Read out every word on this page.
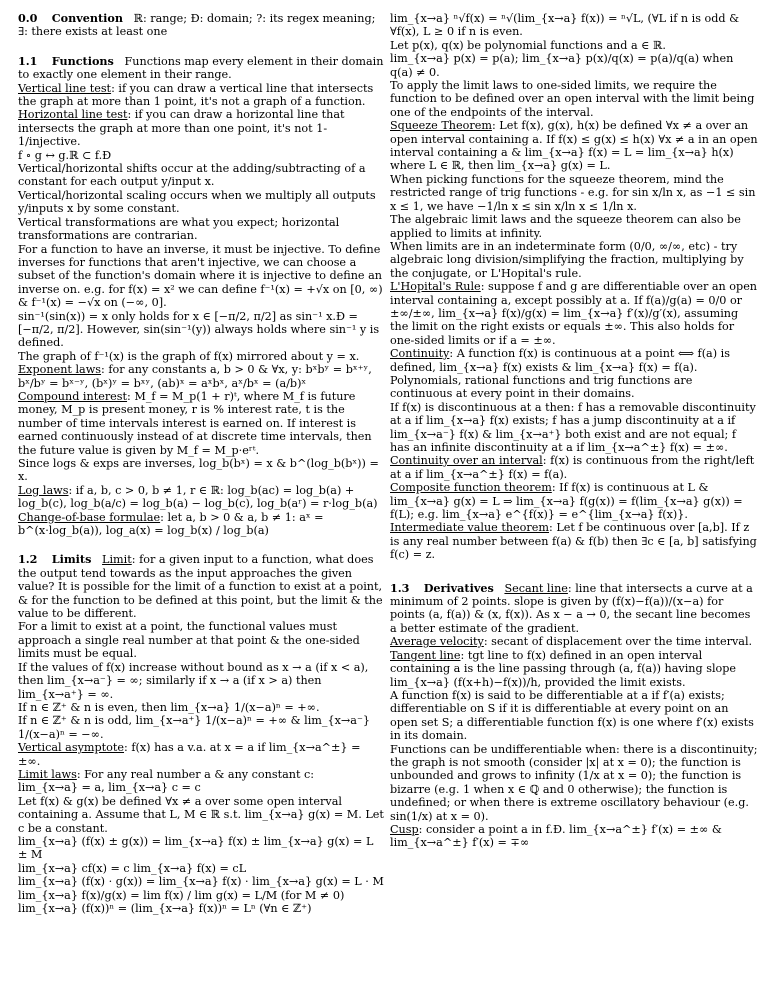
0.0 Convention ℝ: range; Ɖ: domain; ?: its regex meaning; ∃: there exists at least one

1.1 Functions Functions map every element in their domain to exactly one element in their range.

Vertical line test: if you can draw a vertical line that intersects the graph at more than 1 point, it's not a graph of a function.

Horizontal line test: if you can draw a horizontal line that intersects the graph at more than one point, it's not 1-1/injective.

f ∘ g ↔ g.ℝ ⊂ f.Ɖ

Vertical/horizontal shifts occur at the adding/subtracting of a constant for each output y/input x.

Vertical/horizontal scaling occurs when we multiply all outputs y/inputs x by some constant.

Vertical transformations are what you expect; horizontal transformations are contrarian.

For a function to have an inverse, it must be injective. To define inverses for functions that aren't injective, we can choose a subset of the function's domain where it is injective to define an inverse on. e.g. for f(x) = x² we can define f⁻¹(x) = +√x on [0, ∞) & f⁻¹(x) = −√x on (−∞, 0].

sin⁻¹(sin(x)) = x only holds for x ∈ [−π/2, π/2] as sin⁻¹ x.Ɖ = [−π/2, π/2]. However, sin(sin⁻¹(y)) always holds where sin⁻¹ y is defined.

The graph of f⁻¹(x) is the graph of f(x) mirrored about y = x.

Exponent laws: for any constants a, b > 0 & ∀x, y: bˣbʸ = bˣ⁺ʸ, bˣ/bʸ = bˣ⁻ʸ, (bˣ)ʸ = bˣʸ, (ab)ˣ = aˣbˣ, aˣ/bˣ = (a/b)ˣ

Compound interest: M_f = M_p(1 + r)ᵗ, where M_f is future money, M_p is present money, r is % interest rate, t is the number of time intervals interest is earned on. If interest is earned continuously instead of at discrete time intervals, then the future value is given by M_f = M_p·eʳᵗ.

Since logs & exps are inverses, log_b(bˣ) = x & b^(log_b(bˣ)) = x.

Log laws: if a, b, c > 0, b ≠ 1, r ∈ ℝ: log_b(ac) = log_b(a) + log_b(c), log_b(a/c) = log_b(a) − log_b(c), log_b(aʳ) = r·log_b(a)

Change-of-base formulae: let a, b > 0 & a, b ≠ 1: aˣ = b^(x·log_b(a)), log_a(x) = log_b(x) / log_b(a)

1.2 Limits Limit: for a given input to a function, what does the output tend towards as the input approaches the given value? It is possible for the limit of a function to exist at a point, & for the function to be defined at this point, but the limit & the value to be different.

For a limit to exist at a point, the functional values must approach a single real number at that point & the one-sided limits must be equal.

If the values of f(x) increase without bound as x → a (if x < a), then lim_{x→a⁻} = ∞; similarly if x → a (if x > a) then lim_{x→a⁺} = ∞.

If n ∈ ℤ⁺ & n is even, then lim_{x→a} 1/(x−a)ⁿ = +∞.

If n ∈ ℤ⁺ & n is odd, lim_{x→a⁺} 1/(x−a)ⁿ = +∞ & lim_{x→a⁻} 1/(x−a)ⁿ = −∞.

Vertical asymptote: f(x) has a v.a. at x = a if lim_{x→a^±} = ±∞.

Limit laws: For any real number a & any constant c:

lim_{x→a} = a, lim_{x→a} c = c

Let f(x) & g(x) be defined ∀x ≠ a over some open interval containing a. Assume that L, M ∈ ℝ s.t. lim_{x→a} g(x) = M. Let c be a constant.

lim_{x→a} (f(x) ± g(x)) = lim_{x→a} f(x) ± lim_{x→a} g(x) = L ± M

lim_{x→a} cf(x) = c lim_{x→a} f(x) = cL

lim_{x→a} (f(x) · g(x)) = lim_{x→a} f(x) · lim_{x→a} g(x) = L · M

lim_{x→a} f(x)/g(x) = lim f(x) / lim g(x) = L/M (for M ≠ 0)

lim_{x→a} (f(x))ⁿ = (lim_{x→a} f(x))ⁿ = Lⁿ (∀n ∈ ℤ⁺)

lim_{x→a} ⁿ√f(x) = ⁿ√(lim_{x→a} f(x)) = ⁿ√L, (∀L if n is odd & ∀f(x), L ≥ 0 if n is even.

Let p(x), q(x) be polynomial functions and a ∈ ℝ.

lim_{x→a} p(x) = p(a); lim_{x→a} p(x)/q(x) = p(a)/q(a) when q(a) ≠ 0.

To apply the limit laws to one-sided limits, we require the function to be defined over an open interval with the limit being one of the endpoints of the interval.

Squeeze Theorem: Let f(x), g(x), h(x) be defined ∀x ≠ a over an open interval containing a. If f(x) ≤ g(x) ≤ h(x) ∀x ≠ a in an open interval containing a & lim_{x→a} f(x) = L = lim_{x→a} h(x) where L ∈ ℝ, then lim_{x→a} g(x) = L.

When picking functions for the squeeze theorem, mind the restricted range of trig functions - e.g. for sin x/ln x, as −1 ≤ sin x ≤ 1, we have −1/ln x ≤ sin x/ln x ≤ 1/ln x.

The algebraic limit laws and the squeeze theorem can also be applied to limits at infinity.

When limits are in an indeterminate form (0/0, ∞/∞, etc) - try algebraic long division/simplifying the fraction, multiplying by the conjugate, or L'Hopital's rule.

L'Hopital's Rule: suppose f and g are differentiable over an open interval containing a, except possibly at a. If f(a)/g(a) = 0/0 or ±∞/±∞, lim_{x→a} f(x)/g(x) = lim_{x→a} f′(x)/g′(x), assuming the limit on the right exists or equals ±∞. This also holds for one-sided limits or if a = ±∞.

Continuity: A function f(x) is continuous at a point ⟺ f(a) is defined, lim_{x→a} f(x) exists & lim_{x→a} f(x) = f(a).

Polynomials, rational functions and trig functions are continuous at every point in their domains.

If f(x) is discontinuous at a then: f has a removable discontinuity at a if lim_{x→a} f(x) exists; f has a jump discontinuity at a if lim_{x→a⁻} f(x) & lim_{x→a⁺} both exist and are not equal; f has an infinite discontinuity at a if lim_{x→a^±} f(x) = ±∞.

Continuity over an interval: f(x) is continuous from the right/left at a if lim_{x→a^±} f(x) = f(a).

Composite function theorem: If f(x) is continuous at L & lim_{x→a} g(x) = L ⇒ lim_{x→a} f(g(x)) = f(lim_{x→a} g(x)) = f(L); e.g. lim_{x→a} e^{f(x)} = e^{lim_{x→a} f(x)}.

Intermediate value theorem: Let f be continuous over [a,b]. If z is any real number between f(a) & f(b) then ∃c ∈ [a, b] satisfying f(c) = z.

1.3 Derivatives Secant line: line that intersects a curve at a minimum of 2 points. slope is given by (f(x)−f(a))/(x−a) for points (a, f(a)) & (x, f(x)). As x − a → 0, the secant line becomes a better estimate of the gradient.

Average velocity: secant of displacement over the time interval.

Tangent line: tgt line to f(x) defined in an open interval containing a is the line passing through (a, f(a)) having slope lim_{x→a} (f(x+h)−f(x))/h, provided the limit exists.

A function f(x) is said to be differentiable at a if f′(a) exists; differentiable on S if it is differentiable at every point on an open set S; a differentiable function f(x) is one where f′(x) exists in its domain.

Functions can be undifferentiable when: there is a discontinuity; the graph is not smooth (consider |x| at x = 0); the function is unbounded and grows to infinity (1/x at x = 0); the function is bizarre (e.g. 1 when x ∈ ℚ and 0 otherwise); the function is undefined; or when there is extreme oscillatory behaviour (e.g. sin(1/x) at x = 0).

Cusp: consider a point a in f.Ɖ. lim_{x→a^±} f′(x) = ±∞ & lim_{x→a^±} f′(x) = ∓∞
